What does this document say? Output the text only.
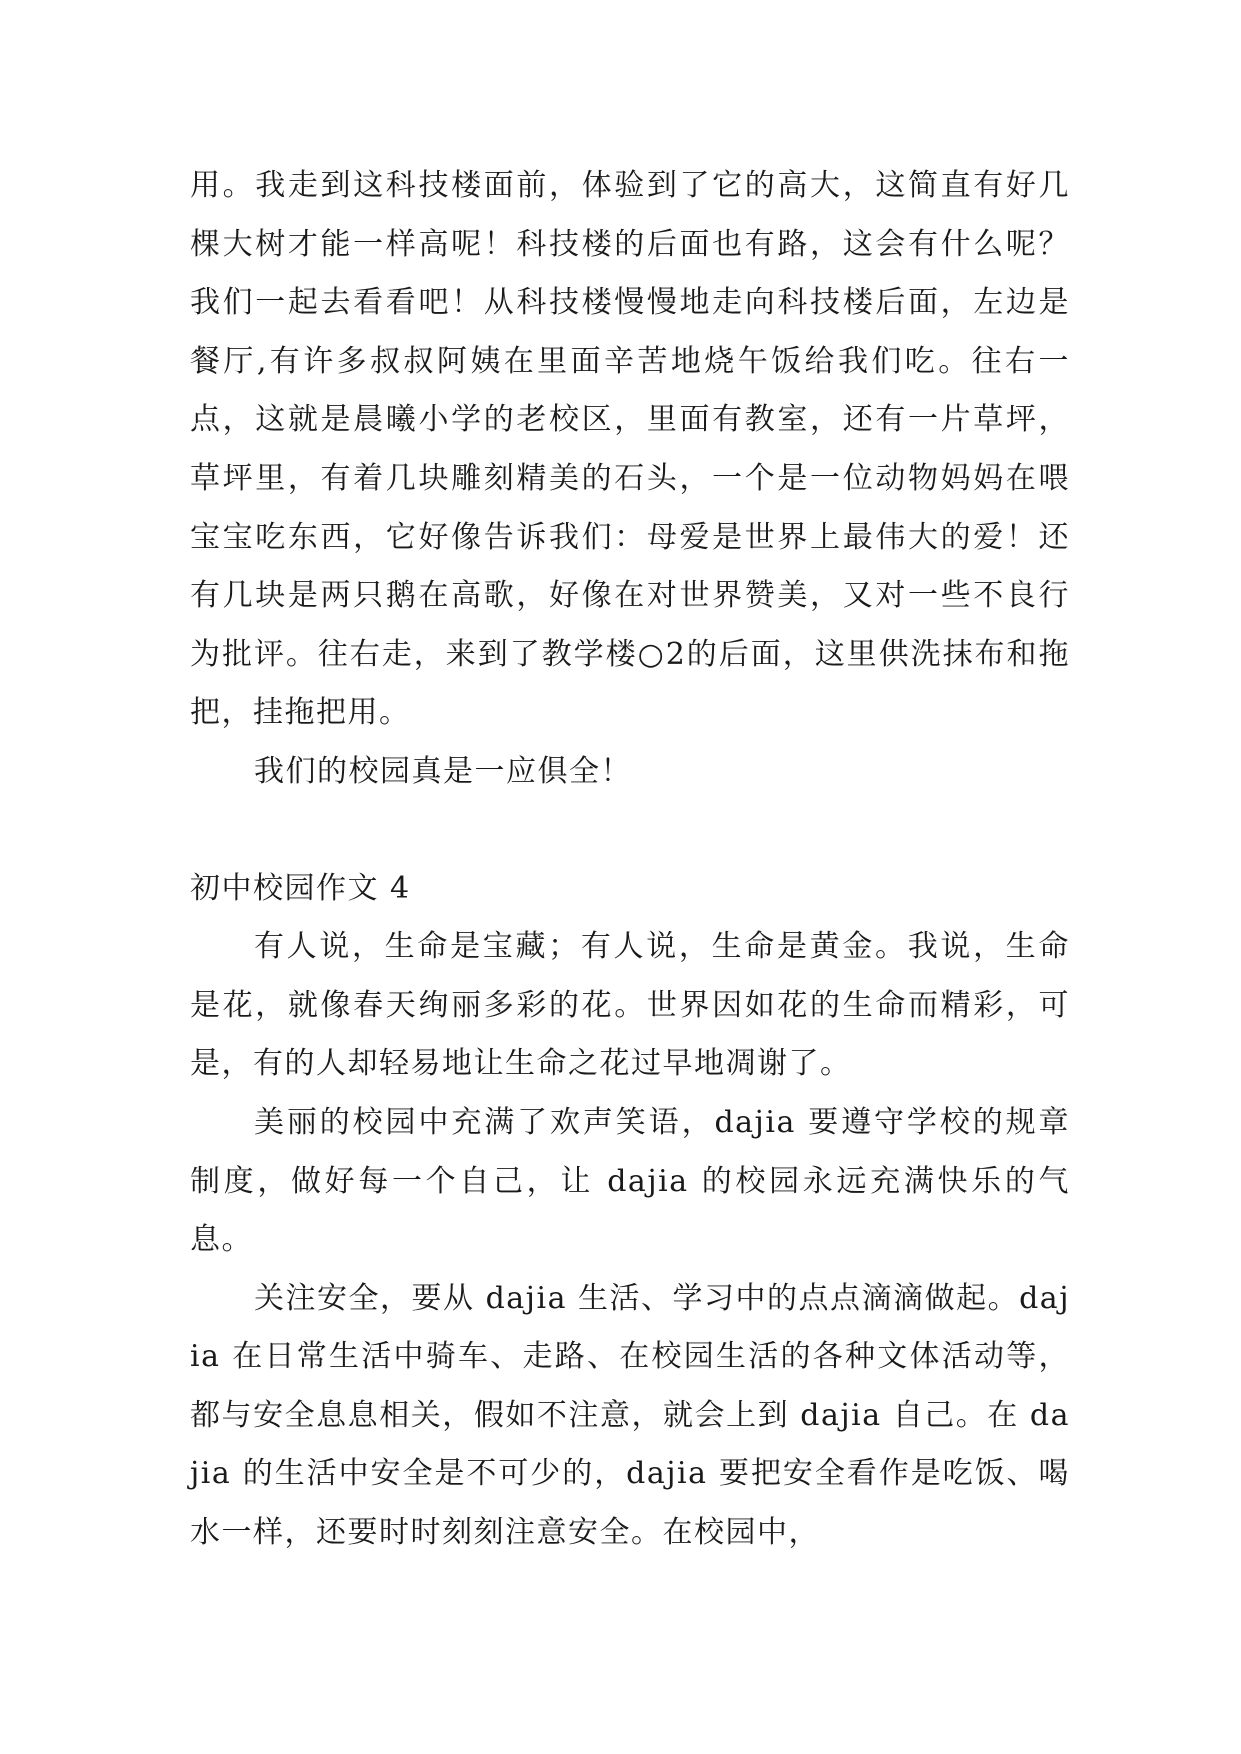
用。我走到这科技楼面前，体验到了它的高大，这简直有好几棵大树才能一样高呢！科技楼的后面也有路，这会有什么呢？我们一起去看看吧！从科技楼慢慢地走向科技楼后面，左边是餐厅,有许多叔叔阿姨在里面辛苦地烧午饭给我们吃。往右一点，这就是晨曦小学的老校区，里面有教室，还有一片草坪，草坪里，有着几块雕刻精美的石头，一个是一位动物妈妈在喂宝宝吃东西，它好像告诉我们：母爱是世界上最伟大的爱！还有几块是两只鹅在高歌，好像在对世界赞美，又对一些不良行为批评。往右走，来到了教学楼○2的后面，这里供洗抹布和拖把，挂拖把用。

我们的校园真是一应俱全！

初中校园作文 4

有人说，生命是宝藏；有人说，生命是黄金。我说，生命是花，就像春天绚丽多彩的花。世界因如花的生命而精彩，可是，有的人却轻易地让生命之花过早地凋谢了。

美丽的校园中充满了欢声笑语，dajia 要遵守学校的规章制度，做好每一个自己，让 dajia 的校园永远充满快乐的气息。

关注安全，要从 dajia 生活、学习中的点点滴滴做起。dajia 在日常生活中骑车、走路、在校园生活的各种文体活动等，都与安全息息相关，假如不注意，就会上到 dajia 自己。在 dajia 的生活中安全是不可少的，dajia 要把安全看作是吃饭、喝水一样，还要时时刻刻注意安全。在校园中，
